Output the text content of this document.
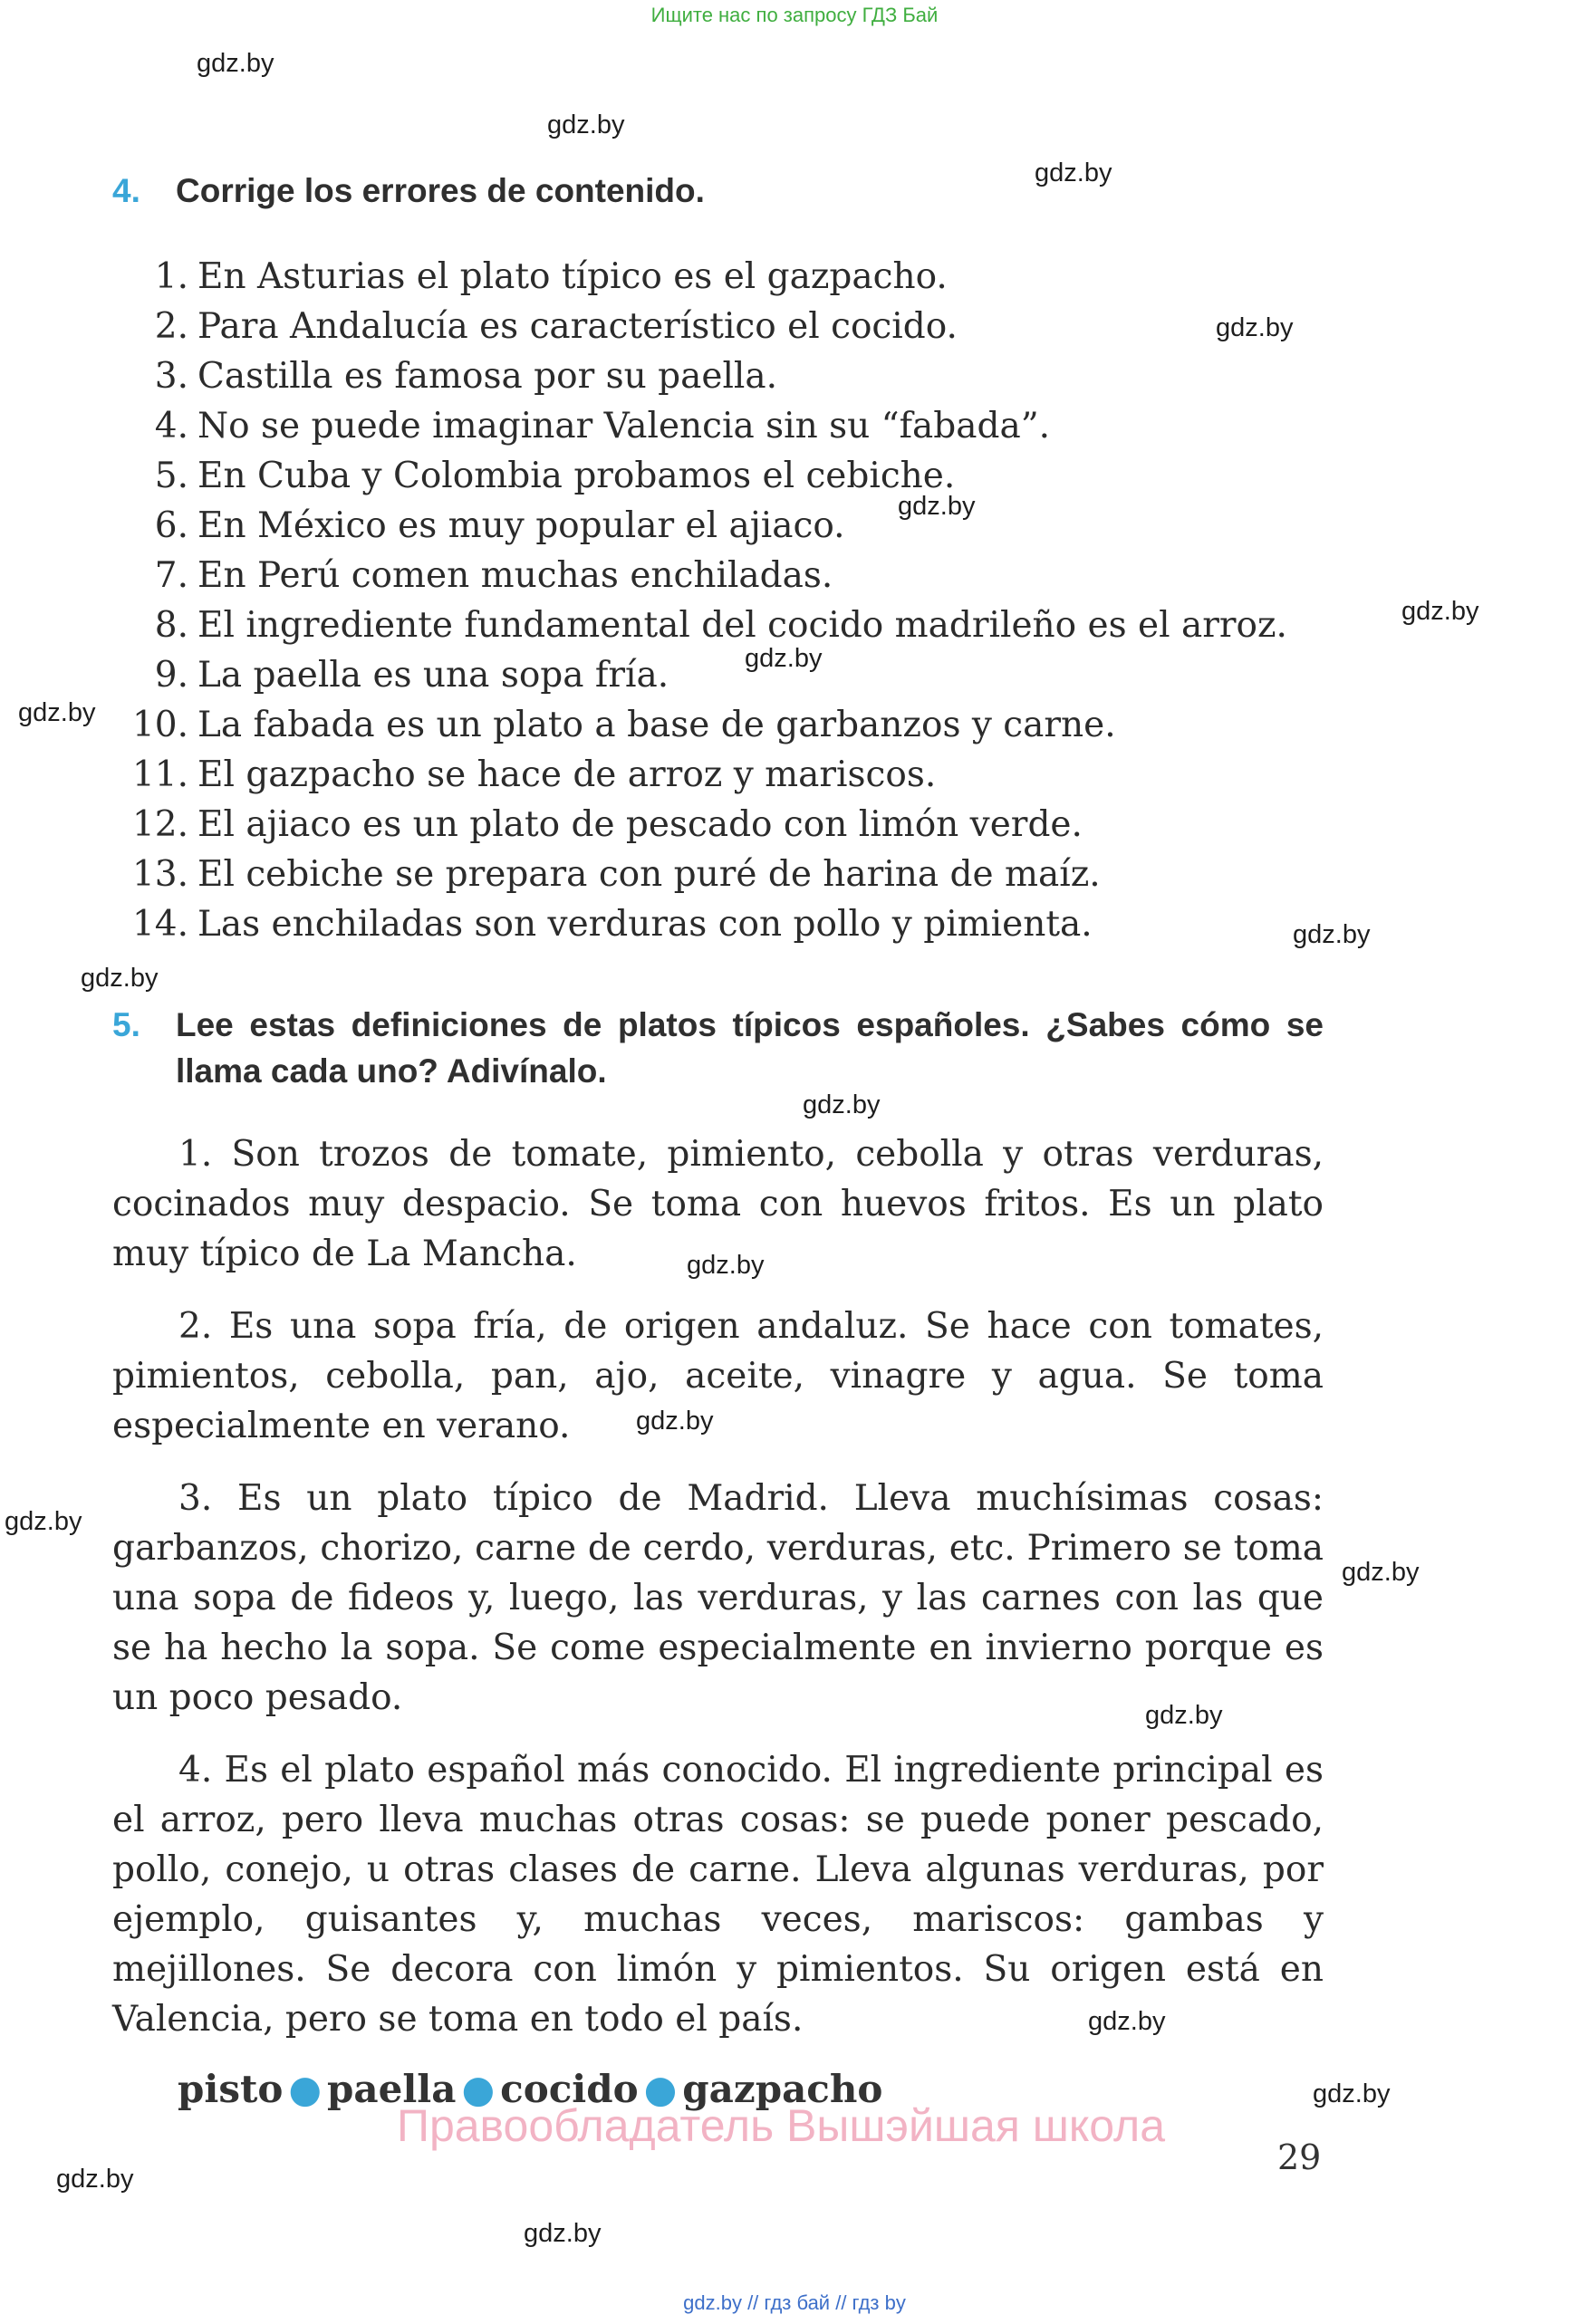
Ищите нас по запросу ГДЗ Бай
gdz.by
gdz.by
gdz.by
gdz.by
gdz.by
gdz.by
gdz.by
gdz.by
gdz.by
gdz.by
gdz.by
gdz.by
gdz.by
gdz.by
gdz.by
gdz.by
gdz.by
gdz.by
gdz.by
gdz.by
4. Corrige los errores de contenido.
1. En Asturias el plato típico es el gazpacho.
2. Para Andalucía es característico el cocido.
3. Castilla es famosa por su paella.
4. No se puede imaginar Valencia sin su “fabada”.
5. En Cuba y Colombia probamos el cebiche.
6. En México es muy popular el ajiaco.
7. En Perú comen muchas enchiladas.
8. El ingrediente fundamental del cocido madrileño es el arroz.
9. La paella es una sopa fría.
10. La fabada es un plato a base de garbanzos y carne.
11. El gazpacho se hace de arroz y mariscos.
12. El ajiaco es un plato de pescado con limón verde.
13. El cebiche se prepara con puré de harina de maíz.
14. Las enchiladas son verduras con pollo y pimienta.
5.	Lee estas definiciones de platos típicos españoles. ¿Sabes cómo se llama cada uno? Adivínalo.

1. Son trozos de tomate, pimiento, cebolla y otras verduras, cocinados muy despacio. Se toma con huevos fritos. Es un plato muy típico de La Mancha.

2. Es una sopa fría, de origen andaluz. Se hace con tomates, pimientos, cebolla, pan, ajo, aceite, vinagre y agua. Se toma especialmente en verano.

3. Es un plato típico de Madrid. Lleva muchísimas cosas: garbanzos, chorizo, carne de cerdo, verduras, etc. Primero se toma una sopa de fideos y, luego, las verduras, y las carnes con las que se ha hecho la sopa. Se come especialmente en invierno porque es un poco pesado.

4. Es el plato español más conocido. El ingrediente principal es el arroz, pero lleva muchas otras cosas: se puede poner pescado, pollo, conejo, u otras clases de carne. Lleva algunas verduras, por ejemplo, guisantes y, muchas veces, mariscos: gambas y mejillones. Se decora con limón y pimientos. Su origen está en Valencia, pero se toma en todo el país.

pisto ● paella ● cocido ● gazpacho
Правообладатель Вышэйшая школа
29
gdz.by // гдз бай // гдз by
